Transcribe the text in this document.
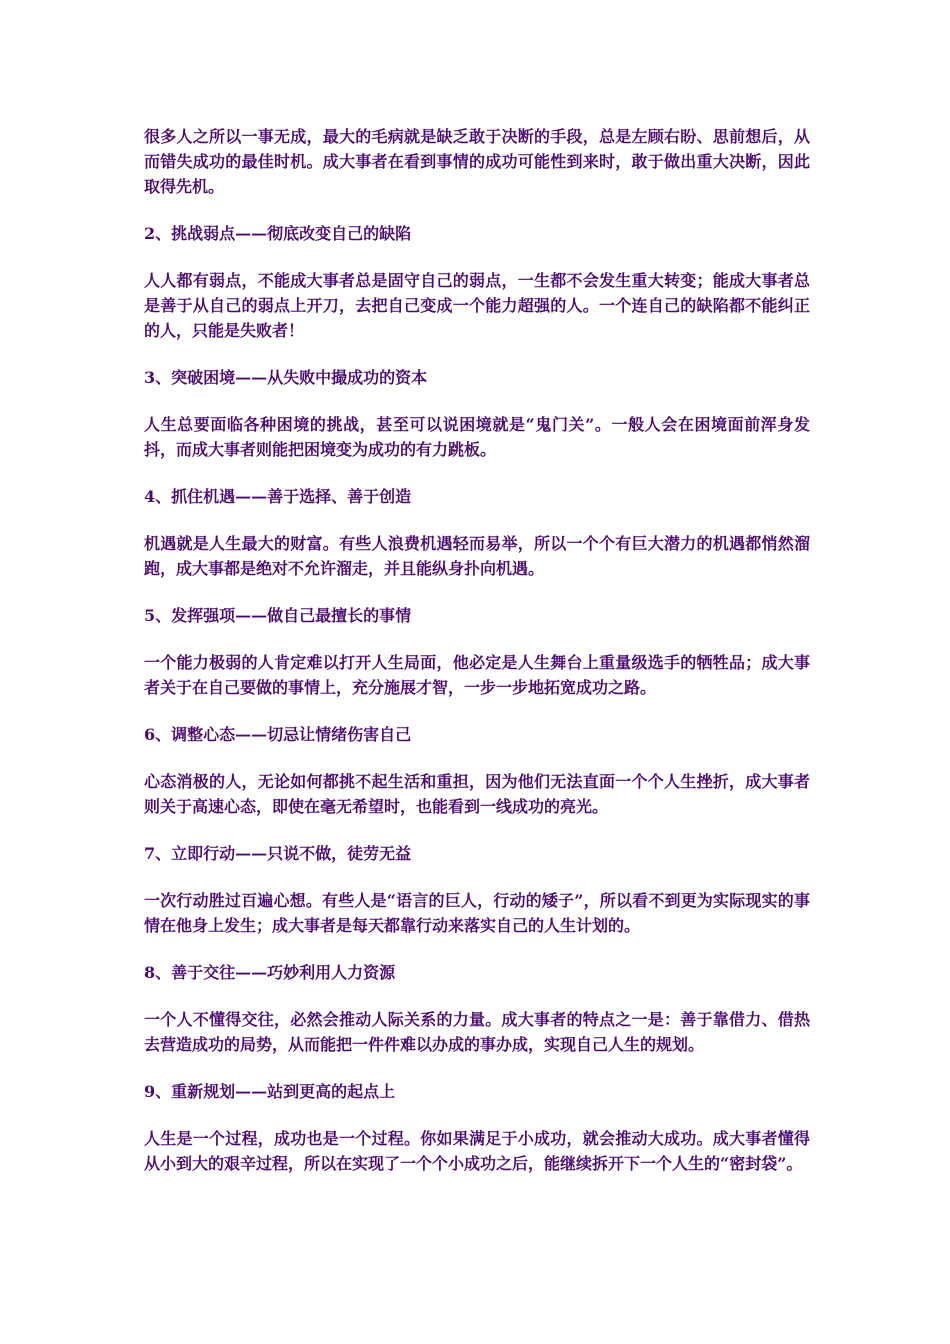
很多人之所以一事无成，最大的毛病就是缺乏敢于决断的手段，总是左顾右盼、思前想后，从而错失成功的最佳时机。成大事者在看到事情的成功可能性到来时，敢于做出重大决断，因此取得先机。

2、挑战弱点——彻底改变自己的缺陷

人人都有弱点，不能成大事者总是固守自己的弱点，一生都不会发生重大转变；能成大事者总是善于从自己的弱点上开刀，去把自己变成一个能力超强的人。一个连自己的缺陷都不能纠正的人，只能是失败者！

3、突破困境——从失败中撮成功的资本

人生总要面临各种困境的挑战，甚至可以说困境就是“鬼门关”。一般人会在困境面前浑身发抖，而成大事者则能把困境变为成功的有力跳板。

4、抓住机遇——善于选择、善于创造

机遇就是人生最大的财富。有些人浪费机遇轻而易举，所以一个个有巨大潜力的机遇都悄然溜跑，成大事都是绝对不允许溜走，并且能纵身扑向机遇。

5、发挥强项——做自己最擅长的事情

一个能力极弱的人肯定难以打开人生局面，他必定是人生舞台上重量级选手的牺牲品；成大事者关于在自己要做的事情上，充分施展才智，一步一步地拓宽成功之路。

6、调整心态——切忌让情绪伤害自己

心态消极的人，无论如何都挑不起生活和重担，因为他们无法直面一个个人生挫折，成大事者则关于高速心态，即使在毫无希望时，也能看到一线成功的亮光。

7、立即行动——只说不做，徒劳无益

一次行动胜过百遍心想。有些人是“语言的巨人，行动的矮子”，所以看不到更为实际现实的事情在他身上发生；成大事者是每天都靠行动来落实自己的人生计划的。

8、善于交往——巧妙利用人力资源

一个人不懂得交往，必然会推动人际关系的力量。成大事者的特点之一是：善于靠借力、借热去营造成功的局势，从而能把一件件难以办成的事办成，实现自己人生的规划。

9、重新规划——站到更高的起点上

人生是一个过程，成功也是一个过程。你如果满足于小成功，就会推动大成功。成大事者懂得从小到大的艰辛过程，所以在实现了一个个小成功之后，能继续拆开下一个人生的“密封袋”。
